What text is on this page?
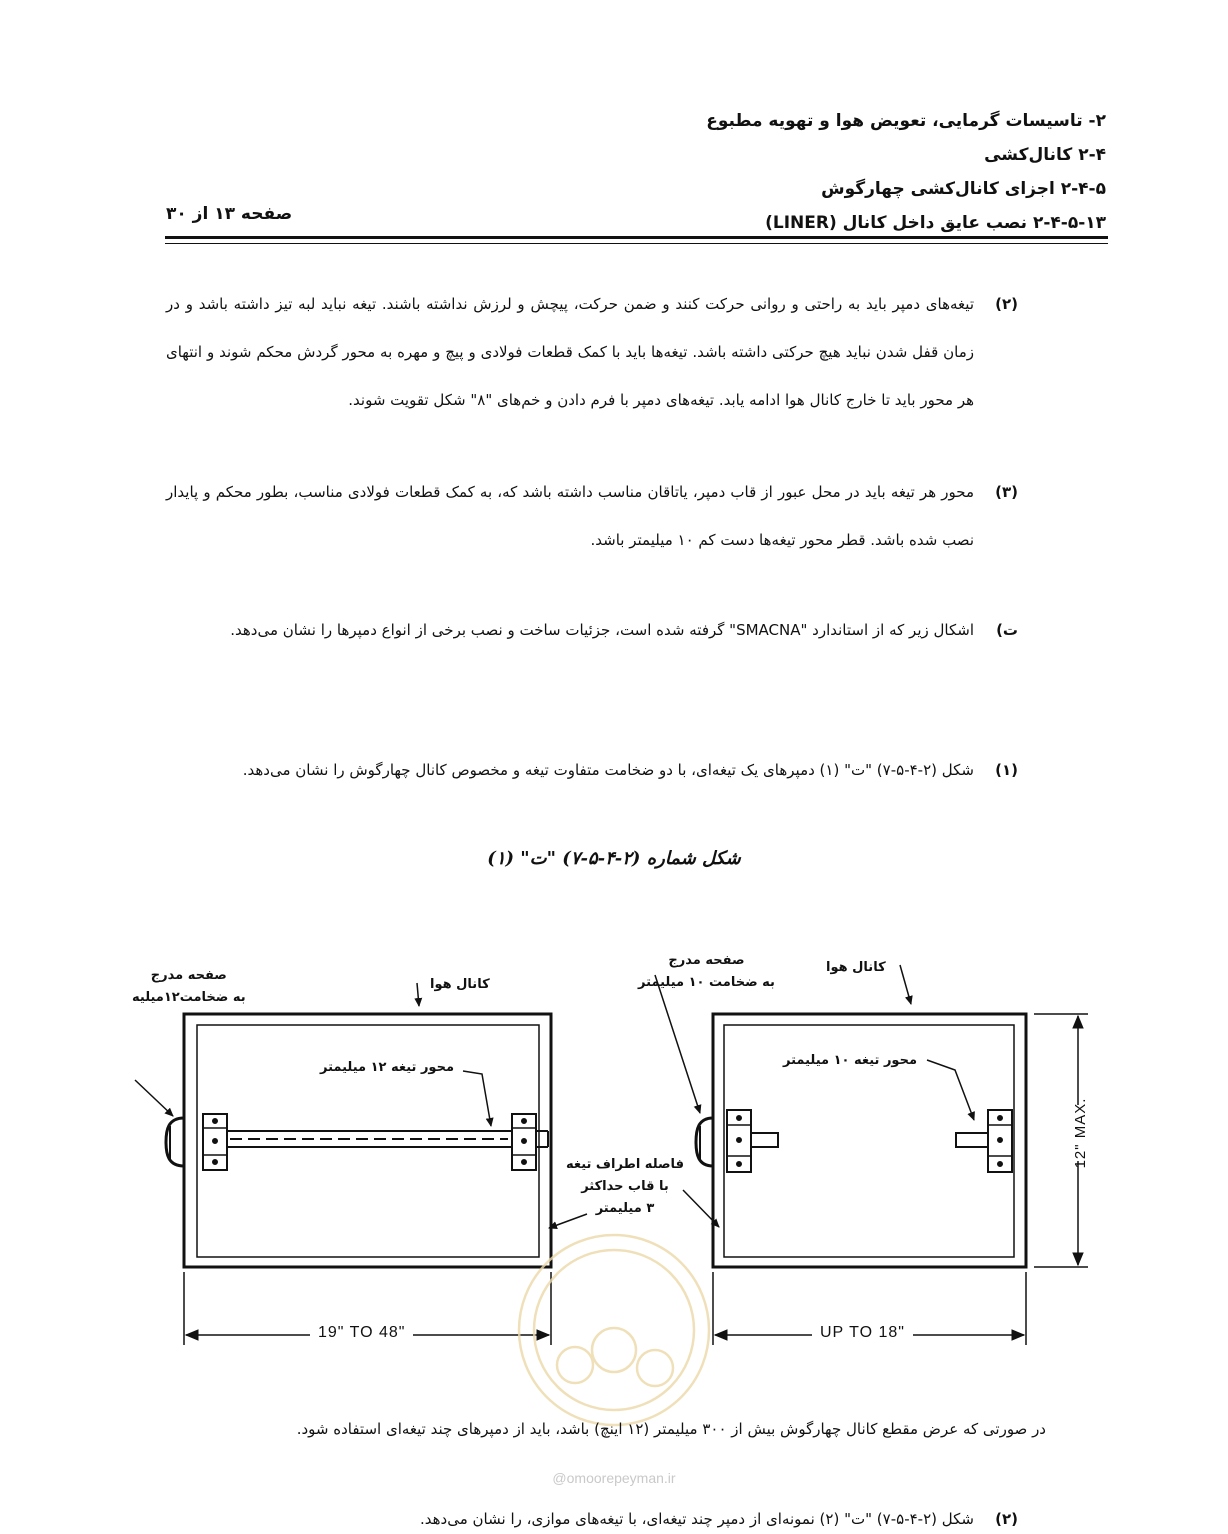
۲- تاسیسات گرمایی، تعویض هوا و تهویه مطبوع
۲-۴ کانال‌کشی
۲-۴-۵ اجزای کانال‌کشی چهارگوش
۲-۴-۵-۱۳ نصب عایق داخل کانال (LINER)
صفحه ۱۳ از ۳۰
(۲)
تیغه‌های دمپر باید به راحتی و روانی حرکت کنند و ضمن حرکت، پیچش و لرزش نداشته باشند. تیغه نباید لبه تیز داشته باشد و در زمان قفل شدن نباید هیچ حرکتی داشته باشد. تیغه‌ها باید با کمک قطعات فولادی و پیچ و مهره به محور گردش محکم شوند و انتهای هر محور باید تا خارج کانال هوا ادامه یابد. تیغه‌های دمپر با فرم دادن و خم‌های "۸" شکل تقویت شوند.
(۳)
محور هر تیغه باید در محل عبور از قاب دمپر، یاتاقان مناسب داشته باشد که، به کمک قطعات فولادی مناسب، بطور محکم و پایدار نصب شده باشد. قطر محور تیغه‌ها دست کم ۱۰ میلیمتر باشد.
ت)
اشکال زیر که از استاندارد "SMACNA" گرفته شده است، جزئیات ساخت و نصب برخی از انواع دمپرها را نشان می‌دهد.
(۱)
شکل (۲-۴-۵-۷) "ت" (۱) دمپرهای یک تیغه‌ای، با دو ضخامت متفاوت تیغه و مخصوص کانال چهارگوش را نشان می‌دهد.
شکل شماره (۲-۴-۵-۷) "ت" (۱)
صفحه مدرج
به ضخامت۱۲میلیه
کانال هوا
محور تیغه ۱۲ میلیمتر
صفحه مدرج
به ضخامت ۱۰ میلیمتر
کانال هوا
محور تیغه ۱۰ میلیمتر
فاصله اطراف تیغه
با قاب حداکثر
۳ میلیمتر
19" TO 48"	UP TO 18"
12" MAX.
در صورتی که عرض مقطع کانال چهارگوش بیش از ۳۰۰ میلیمتر (۱۲ اینچ) باشد، باید از دمپرهای چند تیغه‌ای استفاده شود.
@omoorepeyman.ir
(۲)
شکل (۲-۴-۵-۷) "ت" (۲) نمونه‌ای از دمپر چند تیغه‌ای، با تیغه‌های موازی، را نشان می‌دهد.
